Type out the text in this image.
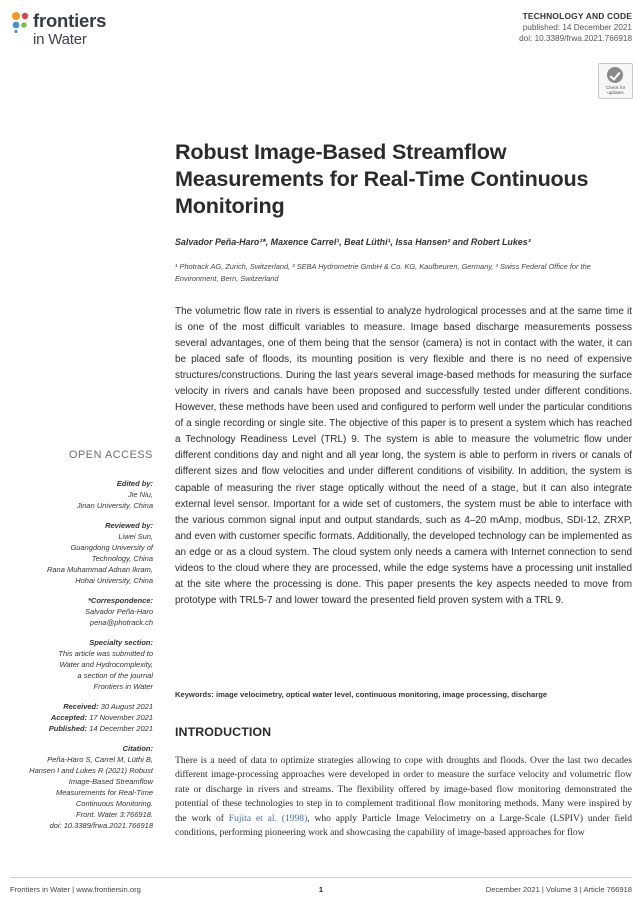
frontiers
in Water
TECHNOLOGY AND CODE
published: 14 December 2021
doi: 10.3389/frwa.2021.766918
Check for updates
Robust Image-Based Streamflow Measurements for Real-Time Continuous Monitoring
Salvador Peña-Haro¹*, Maxence Carrel¹, Beat Lüthi¹, Issa Hansen² and Robert Lukes³
¹ Photrack AG, Zurich, Switzerland, ² SEBA Hydrometrie GmbH & Co. KG, Kaufbeuren, Germany, ³ Swiss Federal Office for the Environment, Bern, Switzerland
The volumetric flow rate in rivers is essential to analyze hydrological processes and at the same time it is one of the most difficult variables to measure. Image based discharge measurements possess several advantages, one of them being that the sensor (camera) is not in contact with the water, it can be placed safe of floods, its mounting position is very flexible and there is no need of expensive structures/constructions. During the last years several image-based methods for measuring the surface velocity in rivers and canals have been proposed and successfully tested under different conditions. However, these methods have been used and configured to perform well under the particular conditions of a single recording or single site. The objective of this paper is to present a system which has reached a Technology Readiness Level (TRL) 9. The system is able to measure the volumetric flow under different conditions day and night and all year long, the system is able to perform in rivers or canals of different sizes and flow velocities and under different conditions of visibility. In addition, the system is capable of measuring the river stage optically without the need of a stage, but it can also integrate external level sensor. Important for a wide set of customers, the system must be able to interface with the various common signal input and output standards, such as 4–20 mAmp, modbus, SDI-12, ZRXP, and even with customer specific formats. Additionally, the developed technology can be implemented as an edge or as a cloud system. The cloud system only needs a camera with Internet connection to send videos to the cloud where they are processed, while the edge systems have a processing unit installed at the site where the processing is done. This paper presents the key aspects needed to move from prototype with TRL5-7 and lower toward the presented field proven system with a TRL 9.
Keywords: image velocimetry, optical water level, continuous monitoring, image processing, discharge
INTRODUCTION
There is a need of data to optimize strategies allowing to cope with droughts and floods. Over the last two decades different image-processing approaches were developed in order to measure the surface velocity and volumetric flow rate or discharge in rivers and streams. The flexibility offered by image-based flow monitoring demonstrated the potential of these technologies to step in to complement traditional flow monitoring methods. Many were inspired by the work of Fujita et al. (1998), who apply Particle Image Velocimetry on a Large-Scale (LSPIV) under field conditions, performing pioneering work and showcasing the capability of image-based approaches for flow
OPEN ACCESS
Edited by:
Jie Niu,
Jinan University, China
Reviewed by:
Liwei Sun,
Guangdong University of
Technology, China
Rana Muhammad Adnan Ikram,
Hohai University, China
*Correspondence:
Salvador Peña-Haro
pena@photrack.ch
Specialty section:
This article was submitted to
Water and Hydrocomplexity,
a section of the journal
Frontiers in Water
Received: 30 August 2021
Accepted: 17 November 2021
Published: 14 December 2021
Citation:
Peña-Haro S, Carrel M, Lüthi B,
Hansen I and Lukes R (2021) Robust
Image-Based Streamflow
Measurements for Real-Time
Continuous Monitoring.
Front. Water 3:766918.
doi: 10.3389/frwa.2021.766918
Frontiers in Water | www.frontiersin.org	1	December 2021 | Volume 3 | Article 766918
